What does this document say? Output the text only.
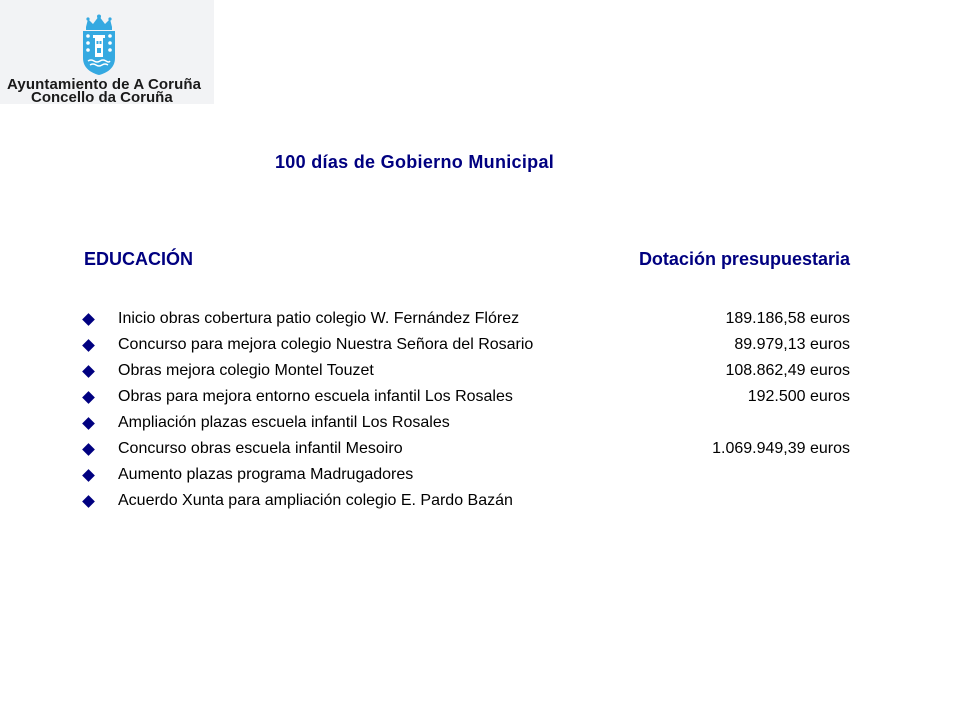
Ayuntamiento de A Coruña
Concello da Coruña
100 días de Gobierno Municipal
EDUCACIÓN	Dotación presupuestaria
Inicio obras cobertura patio colegio W. Fernández Flórez	189.186,58 euros
Concurso para mejora colegio Nuestra Señora del Rosario	89.979,13 euros
Obras mejora colegio Montel Touzet	108.862,49 euros
Obras para mejora entorno escuela infantil Los Rosales	192.500 euros
Ampliación plazas escuela infantil Los Rosales
Concurso obras escuela infantil Mesoiro	1.069.949,39 euros
Aumento plazas programa Madrugadores
Acuerdo Xunta para ampliación colegio E. Pardo Bazán
